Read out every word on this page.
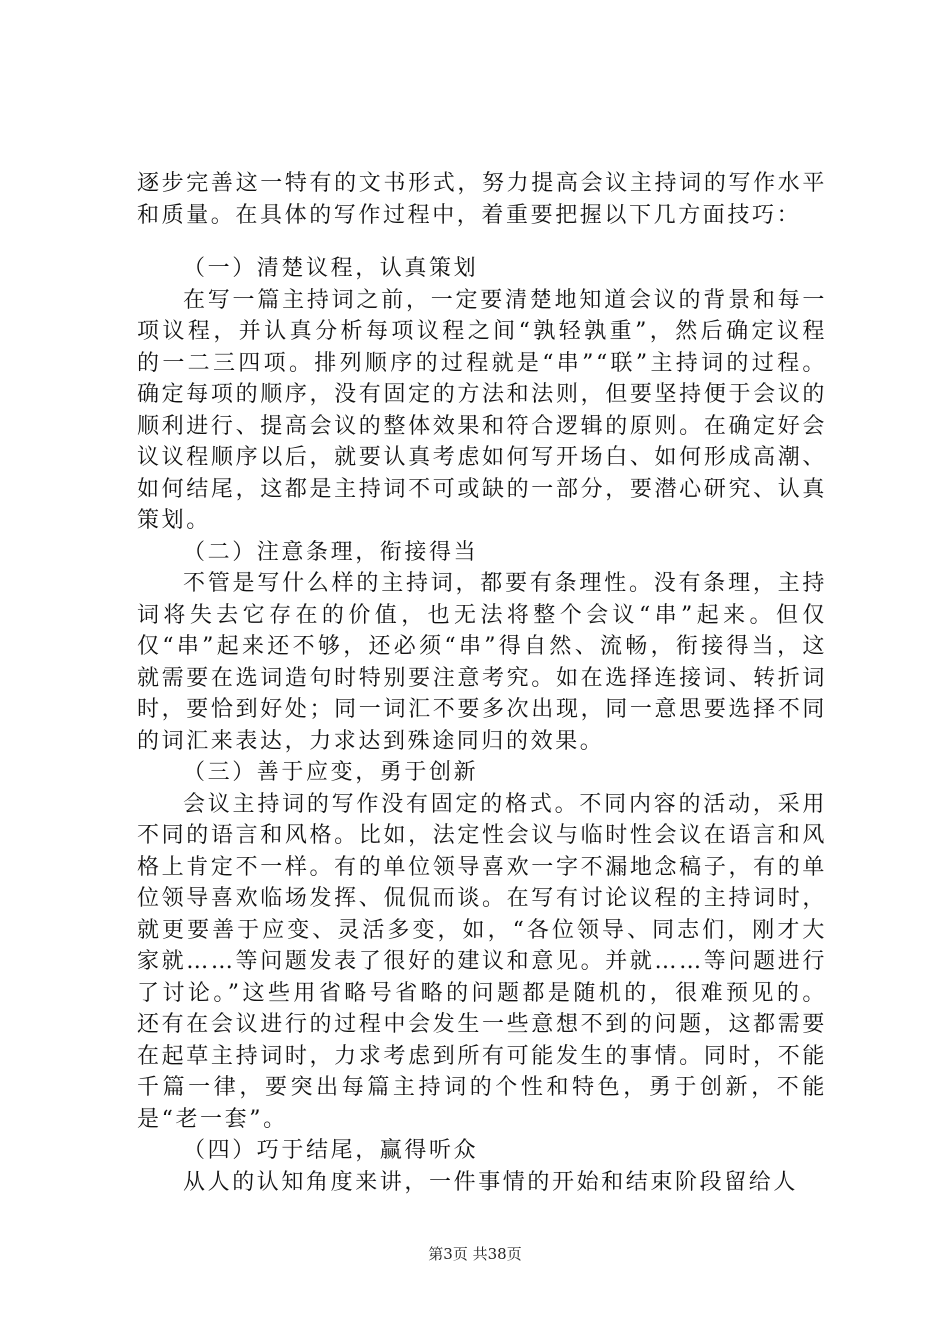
逐步完善这一特有的文书形式，努力提高会议主持词的写作水平和质量。在具体的写作过程中，着重要把握以下几方面技巧：

（一）清楚议程，认真策划

在写一篇主持词之前，一定要清楚地知道会议的背景和每一项议程，并认真分析每项议程之间“孰轻孰重”，然后确定议程的一二三四项。排列顺序的过程就是“串”“联”主持词的过程。确定每项的顺序，没有固定的方法和法则，但要坚持便于会议的顺利进行、提高会议的整体效果和符合逻辑的原则。在确定好会议议程顺序以后，就要认真考虑如何写开场白、如何形成高潮、如何结尾，这都是主持词不可或缺的一部分，要潜心研究、认真策划。

（二）注意条理，衔接得当

不管是写什么样的主持词，都要有条理性。没有条理，主持词将失去它存在的价值，也无法将整个会议“串”起来。但仅仅“串”起来还不够，还必须“串”得自然、流畅，衔接得当，这就需要在选词造句时特别要注意考究。如在选择连接词、转折词时，要恰到好处；同一词汇不要多次出现，同一意思要选择不同的词汇来表达，力求达到殊途同归的效果。

（三）善于应变，勇于创新

会议主持词的写作没有固定的格式。不同内容的活动，采用不同的语言和风格。比如，法定性会议与临时性会议在语言和风格上肯定不一样。有的单位领导喜欢一字不漏地念稿子，有的单位领导喜欢临场发挥、侃侃而谈。在写有讨论议程的主持词时，就更要善于应变、灵活多变，如，“各位领导、同志们，刚才大家就……等问题发表了很好的建议和意见。并就……等问题进行了讨论。”这些用省略号省略的问题都是随机的，很难预见的。还有在会议进行的过程中会发生一些意想不到的问题，这都需要在起草主持词时，力求考虑到所有可能发生的事情。同时，不能千篇一律，要突出每篇主持词的个性和特色，勇于创新，不能是“老一套”。

（四）巧于结尾，赢得听众

从人的认知角度来讲，一件事情的开始和结束阶段留给人

第3页 共38页
